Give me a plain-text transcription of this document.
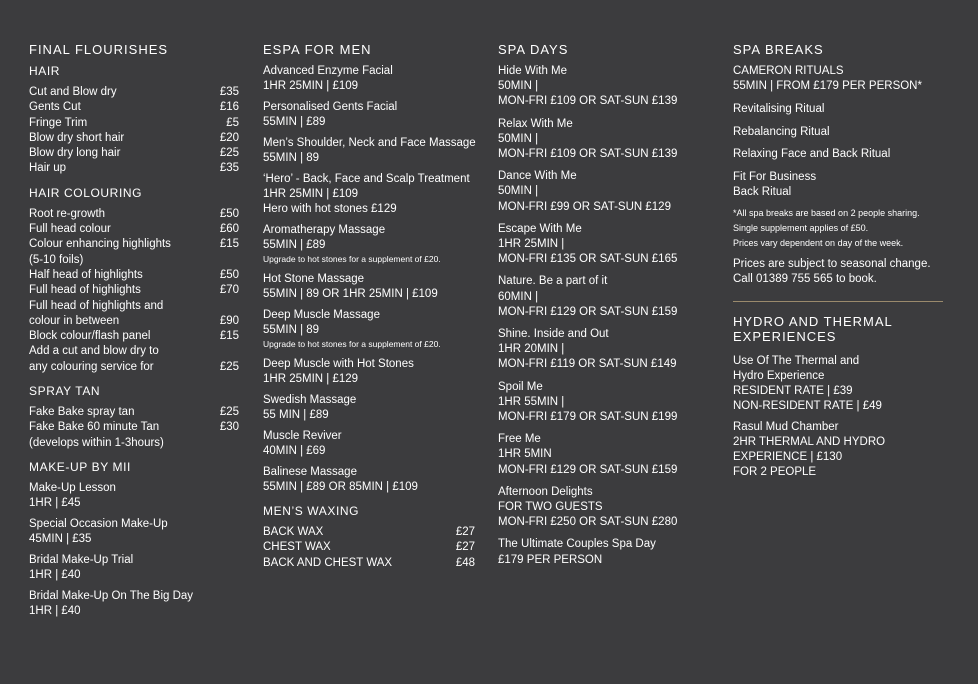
FINAL FLOURISHES
HAIR
Cut and Blow dry	£35
Gents Cut	£16
Fringe Trim	£5
Blow dry short hair	£20
Blow dry long hair	£25
Hair up	£35
HAIR COLOURING
Root re-growth	£50
Full head colour	£60
Colour enhancing highlights	£15
(5-10 foils)
Half head of highlights	£50
Full head of highlights	£70
Full head of highlights and
colour in between	£90
Block colour/flash panel	£15
Add a cut and blow dry to
any colouring service for	£25
SPRAY TAN
Fake Bake spray tan	£25
Fake Bake 60 minute Tan	£30
(develops within 1-3hours)
MAKE-UP BY MII
Make-Up Lesson
1HR | £45
Special Occasion Make-Up
45MIN | £35
Bridal Make-Up Trial
1HR | £40
Bridal Make-Up On The Big Day
1HR | £40
ESPA FOR MEN
Advanced Enzyme Facial
1HR 25MIN | £109
Personalised Gents Facial
55MIN | £89
Men’s Shoulder, Neck and Face Massage
55MIN | 89
‘Hero’ - Back, Face and Scalp Treatment
1HR 25MIN | £109
Hero with hot stones £129
Aromatherapy Massage
55MIN | £89
Upgrade to hot stones for a supplement of £20.
Hot Stone Massage
55MIN | 89 OR 1HR 25MIN | £109
Deep Muscle Massage
55MIN | 89
Upgrade to hot stones for a supplement of £20.
Deep Muscle with Hot Stones
1HR 25MIN | £129
Swedish Massage
55 MIN | £89
Muscle Reviver
40MIN | £69
Balinese Massage
55MIN | £89 OR 85MIN | £109
MEN’S WAXING
BACK WAX	£27
CHEST WAX	£27
BACK AND CHEST WAX	£48
SPA DAYS
Hide With Me
50MIN |
MON-FRI £109 OR SAT-SUN £139
Relax With Me
50MIN |
MON-FRI £109 OR SAT-SUN £139
Dance With Me
50MIN |
MON-FRI £99 OR SAT-SUN £129
Escape With Me
1HR 25MIN |
MON-FRI £135 OR SAT-SUN £165
Nature. Be a part of it
60MIN |
MON-FRI £129 OR SAT-SUN £159
Shine. Inside and Out
1HR 20MIN |
MON-FRI £119 OR SAT-SUN £149
Spoil Me
1HR 55MIN |
MON-FRI £179 OR SAT-SUN £199
Free Me
1HR 5MIN
MON-FRI £129 OR SAT-SUN £159
Afternoon Delights
FOR TWO GUESTS
MON-FRI £250 OR SAT-SUN £280
The Ultimate Couples Spa Day
£179 PER PERSON
SPA BREAKS
CAMERON RITUALS
55MIN | FROM £179 PER PERSON*
Revitalising Ritual
Rebalancing Ritual
Relaxing Face and Back Ritual
Fit For Business
Back Ritual
*All spa breaks are based on 2 people sharing.
Single supplement applies of £50.
Prices vary dependent on day of the week.
Prices are subject to seasonal change.
Call 01389 755 565 to book.
HYDRO AND THERMAL
EXPERIENCES
Use Of The Thermal and
Hydro Experience
RESIDENT RATE | £39
NON-RESIDENT RATE | £49
Rasul Mud Chamber
2HR THERMAL AND HYDRO
EXPERIENCE | £130
FOR 2 PEOPLE
